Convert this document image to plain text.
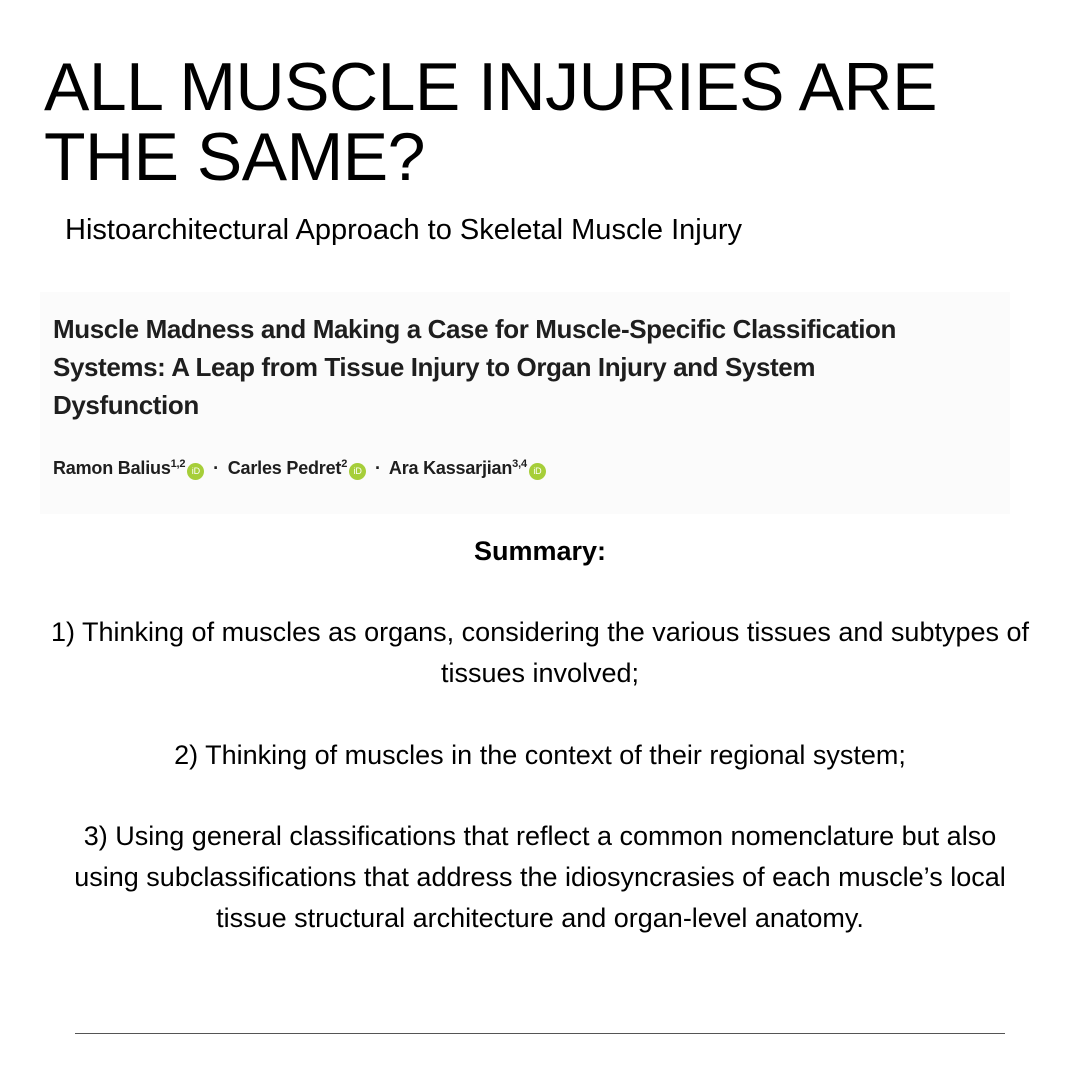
ALL MUSCLE INJURIES ARE
THE SAME?

Histoarchitectural Approach to Skeletal Muscle Injury

Muscle Madness and Making a Case for Muscle-Specific Classification
Systems: A Leap from Tissue Injury to Organ Injury and System
Dysfunction
Ramon Balius$^{1,2}$iD · Carles Pedret$^2$iD · Ara Kassarjian$^{3,4}$iD
Summary:

1) Thinking of muscles as organs, considering the various tissues and subtypes of
tissues involved;

2) Thinking of muscles in the context of their regional system;

3) Using general classifications that reflect a common nomenclature but also
using subclassifications that address the idiosyncrasies of each muscle’s local
tissue structural architecture and organ-level anatomy.
